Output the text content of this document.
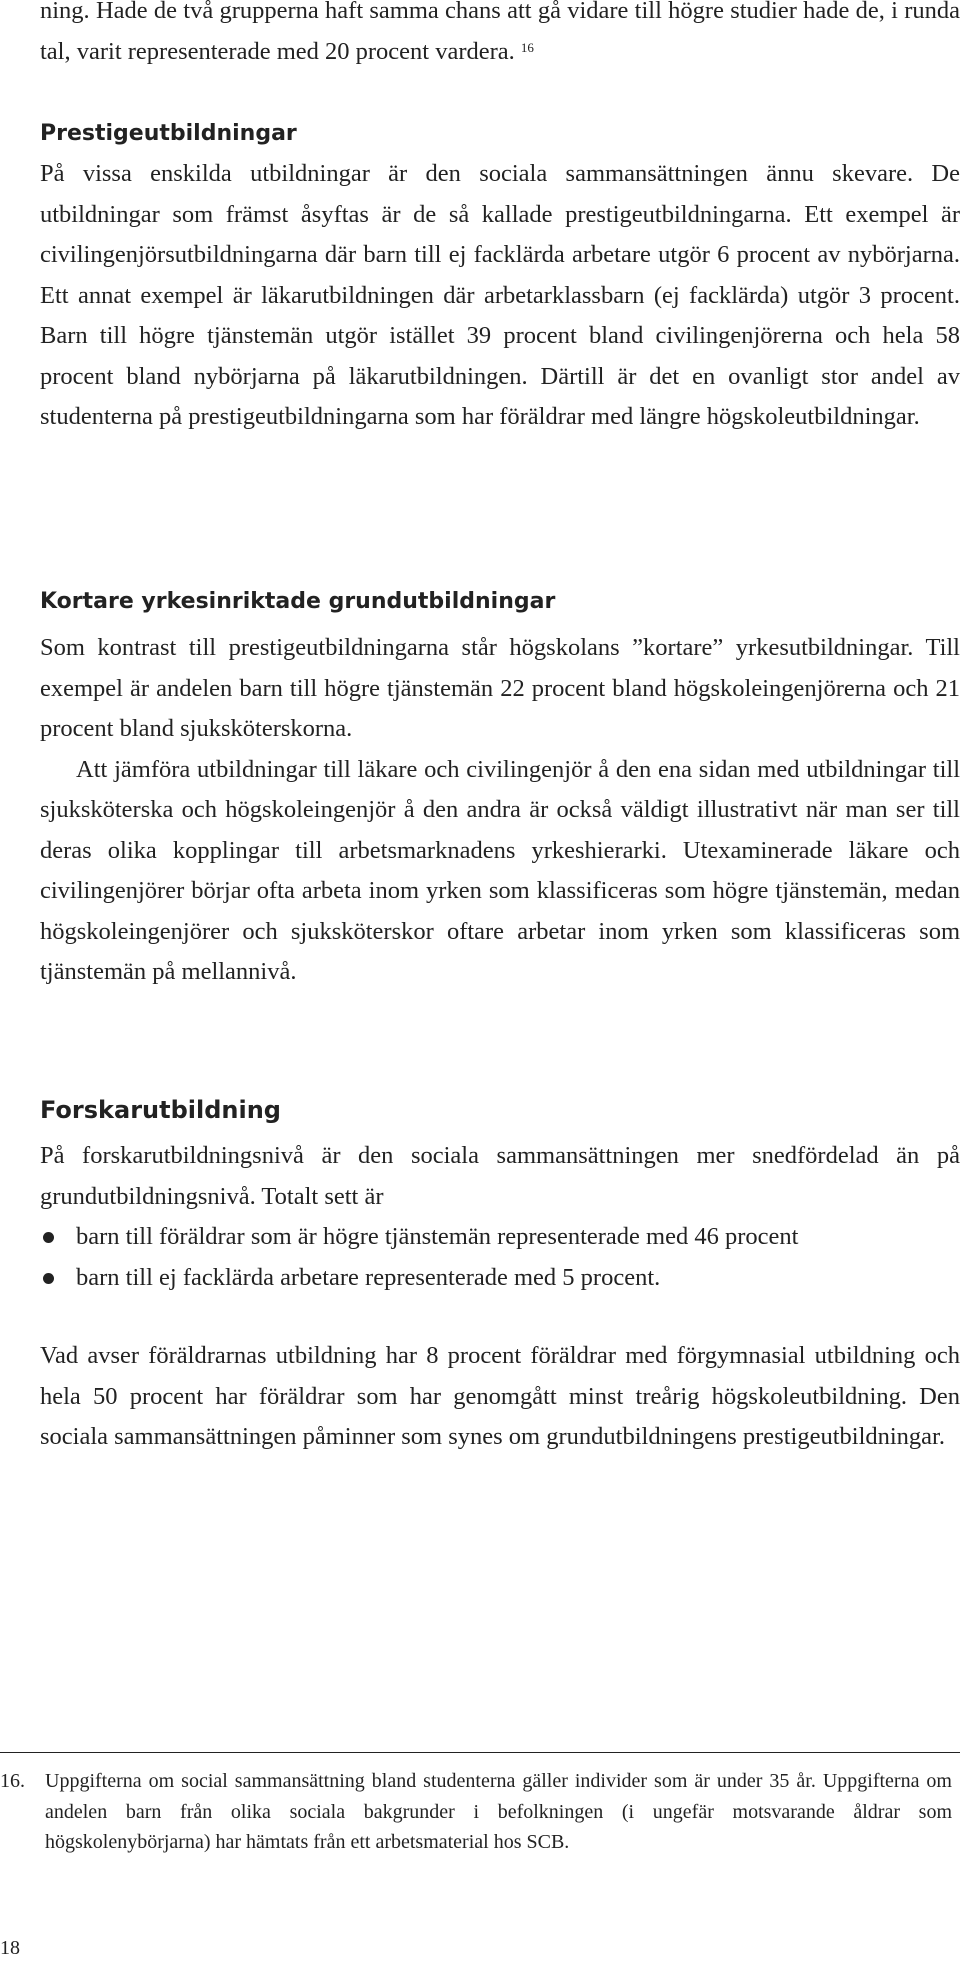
ning. Hade de två grupperna haft samma chans att gå vidare till högre studier hade de, i runda tal, varit representerade med 20 procent vardera. $^{16}$

Prestigeutbildningar

På vissa enskilda utbildningar är den sociala sammansättningen ännu skevare. De utbildningar som främst åsyftas är de så kallade prestigeutbildningarna. Ett exempel är civilingenjörsutbildningarna där barn till ej facklärda arbetare utgör 6 procent av nybörjarna. Ett annat exempel är läkarutbildningen där arbetarklassbarn (ej facklärda) utgör 3 procent. Barn till högre tjänstemän utgör istället 39 procent bland civilingenjörerna och hela 58 procent bland nybörjarna på läkarutbildningen. Därtill är det en ovanligt stor andel av studenterna på prestigeutbildningarna som har föräldrar med längre högskoleutbildningar.

Kortare yrkesinriktade grundutbildningar

Som kontrast till prestigeutbildningarna står högskolans ”kortare” yrkesutbildningar. Till exempel är andelen barn till högre tjänstemän 22 procent bland högskoleingenjörerna och 21 procent bland sjuksköterskorna.

Att jämföra utbildningar till läkare och civilingenjör å den ena sidan med utbildningar till sjuksköterska och högskoleingenjör å den andra är också väldigt illustrativt när man ser till deras olika kopplingar till arbetsmarknadens yrkeshierarki. Utexaminerade läkare och civilingenjörer börjar ofta arbeta inom yrken som klassificeras som högre tjänstemän, medan högskoleingenjörer och sjuksköterskor oftare arbetar inom yrken som klassificeras som tjänstemän på mellannivå.

Forskarutbildning

På forskarutbildningsnivå är den sociala sammansättningen mer snedfördelad än på grundutbildningsnivå. Totalt sett är

barn till föräldrar som är högre tjänstemän representerade med 46 procent
barn till ej facklärda arbetare representerade med 5 procent.

Vad avser föräldrarnas utbildning har 8 procent föräldrar med förgymnasial utbildning och hela 50 procent har föräldrar som har genomgått minst treårig högskoleutbildning. Den sociala sammansättningen påminner som synes om grundutbildningens prestigeutbildningar.

16. Uppgifterna om social sammansättning bland studenterna gäller individer som är under 35 år. Uppgifterna om andelen barn från olika sociala bakgrunder i befolkningen (i ungefär motsvarande åldrar som högskolenybörjarna) har hämtats från ett arbetsmaterial hos SCB.
18
